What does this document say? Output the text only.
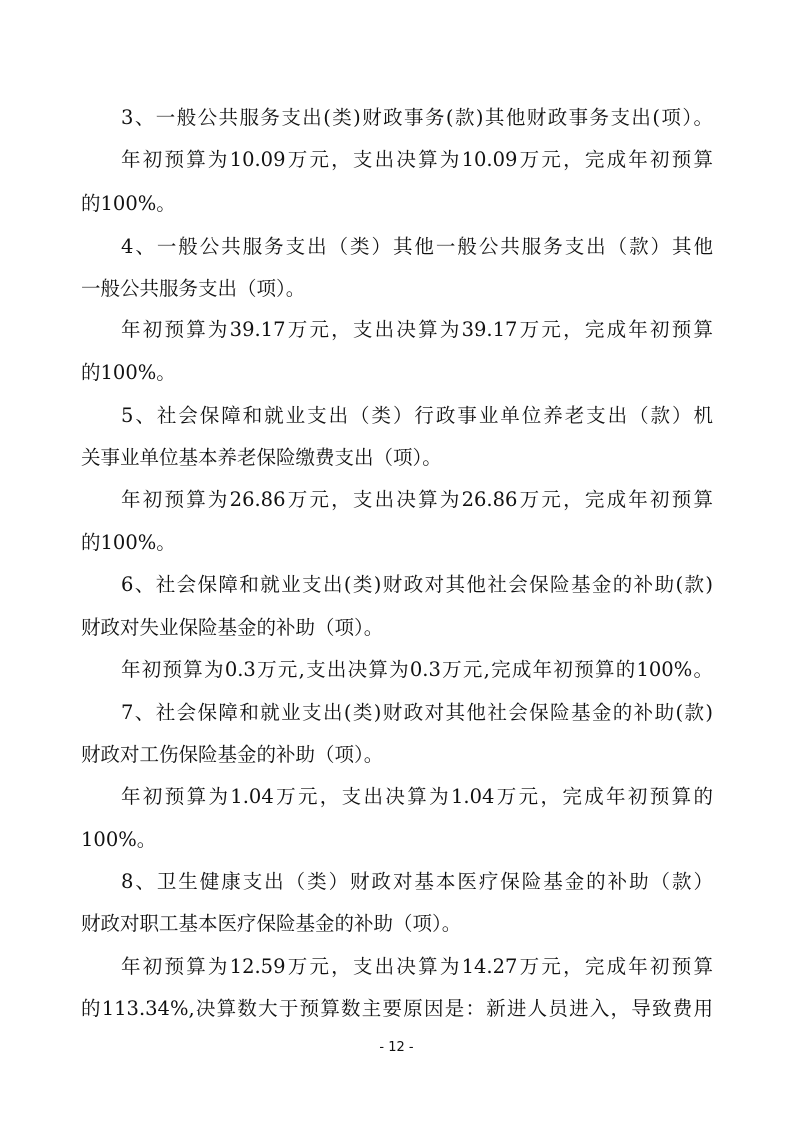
3、一般公共服务支出(类)财政事务(款)其他财政事务支出(项）。
年初预算为10.09万元，支出决算为10.09万元，完成年初预算
的100%。
4、一般公共服务支出（类）其他一般公共服务支出（款）其他
一般公共服务支出（项）。
年初预算为39.17万元，支出决算为39.17万元，完成年初预算
的100%。
5、社会保障和就业支出（类）行政事业单位养老支出（款）机
关事业单位基本养老保险缴费支出（项）。
年初预算为26.86万元，支出决算为26.86万元，完成年初预算
的100%。
6、社会保障和就业支出(类)财政对其他社会保险基金的补助(款)
财政对失业保险基金的补助（项）。
年初预算为0.3万元,支出决算为0.3万元,完成年初预算的100%。
7、社会保障和就业支出(类)财政对其他社会保险基金的补助(款)
财政对工伤保险基金的补助（项）。
年初预算为1.04万元，支出决算为1.04万元，完成年初预算的
100%。
8、卫生健康支出（类）财政对基本医疗保险基金的补助（款）
财政对职工基本医疗保险基金的补助（项）。
年初预算为12.59万元，支出决算为14.27万元，完成年初预算
的113.34%,决算数大于预算数主要原因是：新进人员进入，导致费用
- 12 -
